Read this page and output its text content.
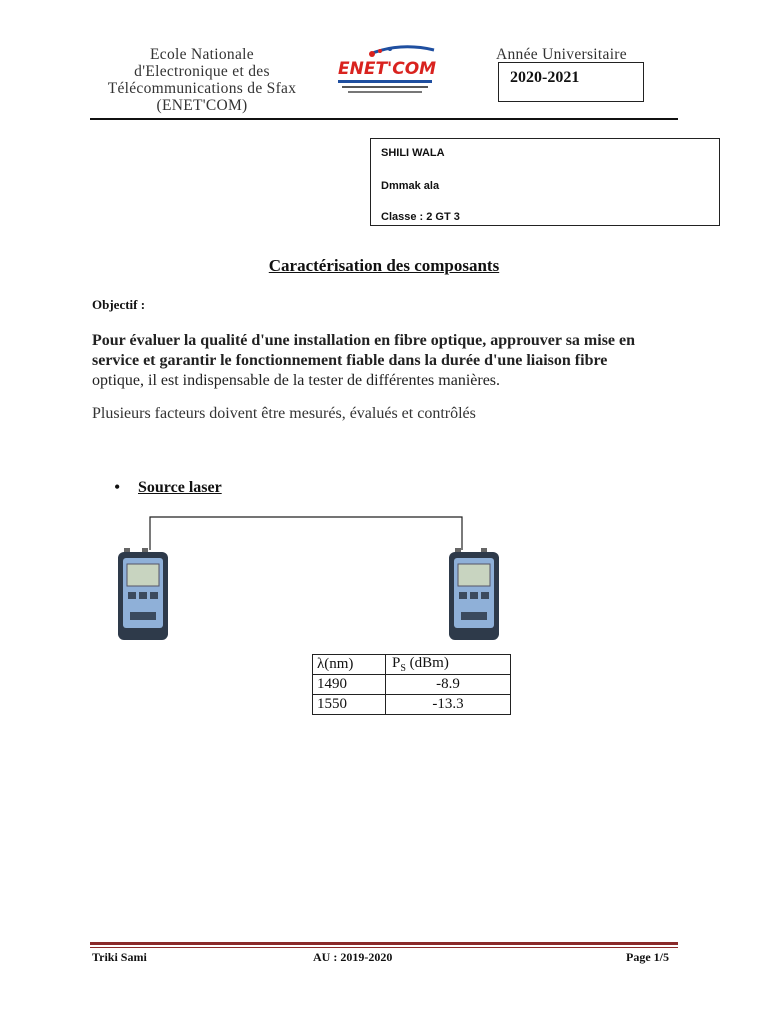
Ecole Nationale
d'Electronique et des
Télécommunications de Sfax
(ENET'COM)
ENET'COM
Année Universitaire
2020-2021
SHILI WALA
Dmmak ala
Classe : 2 GT 3
Caractérisation des composants
Objectif :
Pour évaluer la qualité d'une installation en fibre optique, approuver sa mise en
service et garantir le fonctionnement fiable dans la durée d'une liaison fibre
optique, il est indispensable de la tester de différentes manières.
Plusieurs facteurs doivent être mesurés, évalués et contrôlés
• Source laser
λ(nm)	$P_S$ (dBm)
1490	-8.9
1550	-13.3
Triki Sami	AU : 2019-2020	Page 1/5
